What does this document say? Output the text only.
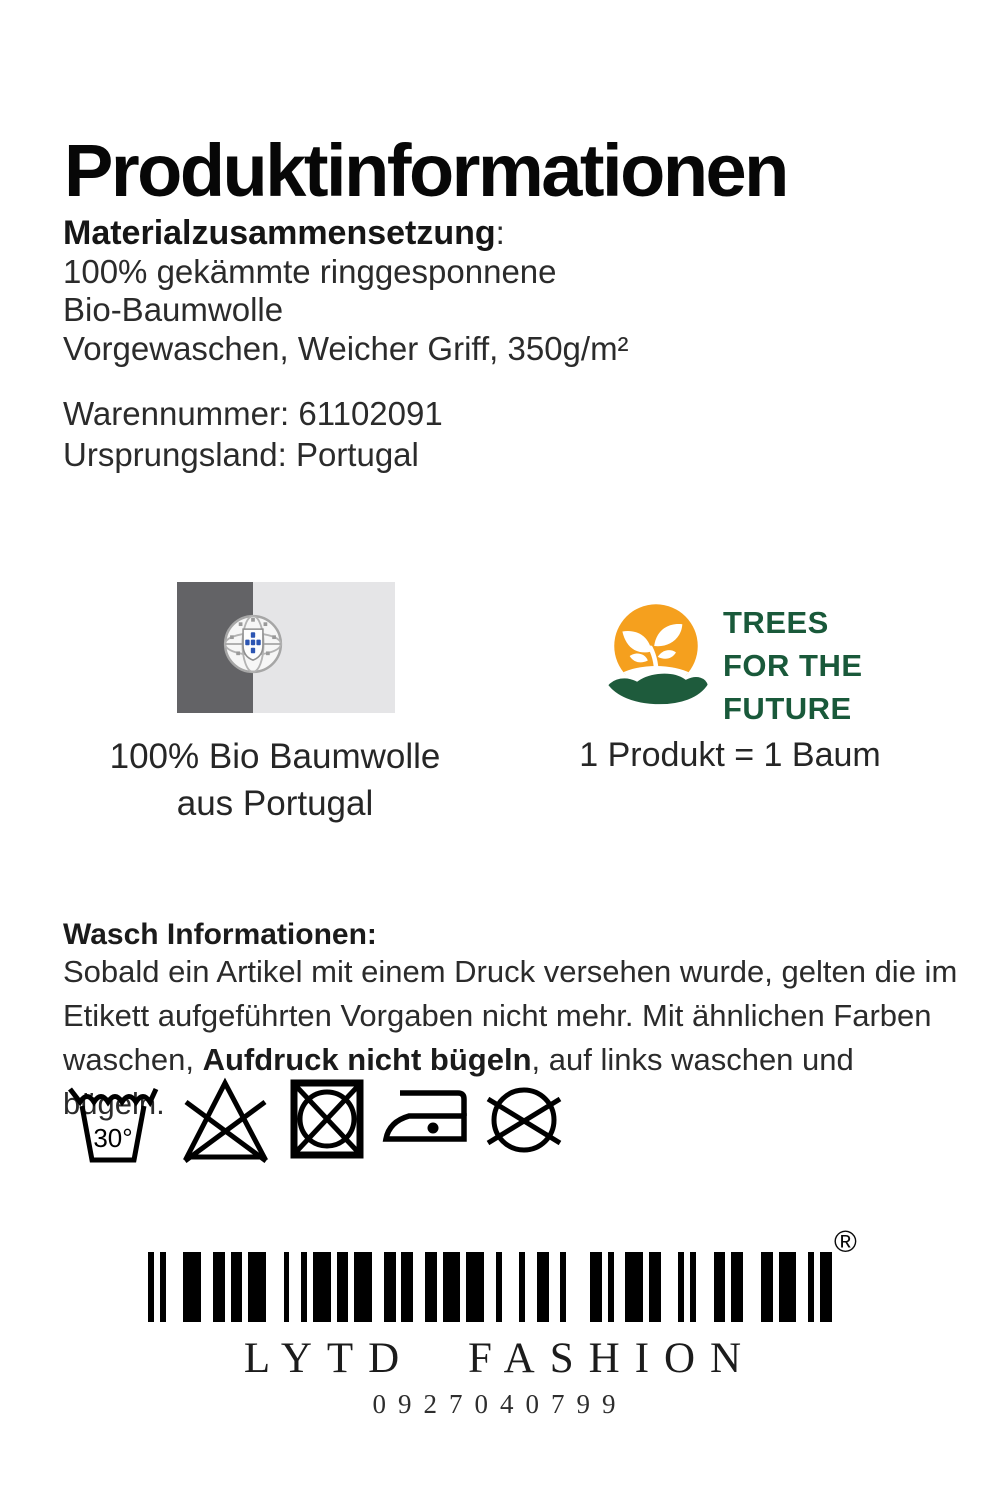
Produktinformationen
Materialzusammensetzung:
100% gekämmte ringgesponnene
Bio-Baumwolle
Vorgewaschen, Weicher Griff, 350g/m²
Warennummer: 61102091
Ursprungsland: Portugal
100% Bio Baumwolle
aus Portugal
TREES
FOR THE
FUTURE
1 Produkt = 1 Baum
Wasch Informationen:

Sobald ein Artikel mit einem Druck versehen wurde, gelten die im Etikett aufgeführten Vorgaben nicht mehr. Mit ähnlichen Farben waschen, Aufdruck nicht bügeln, auf links waschen und bügeln.

30°
®
LYTD FASHION
0927040799
